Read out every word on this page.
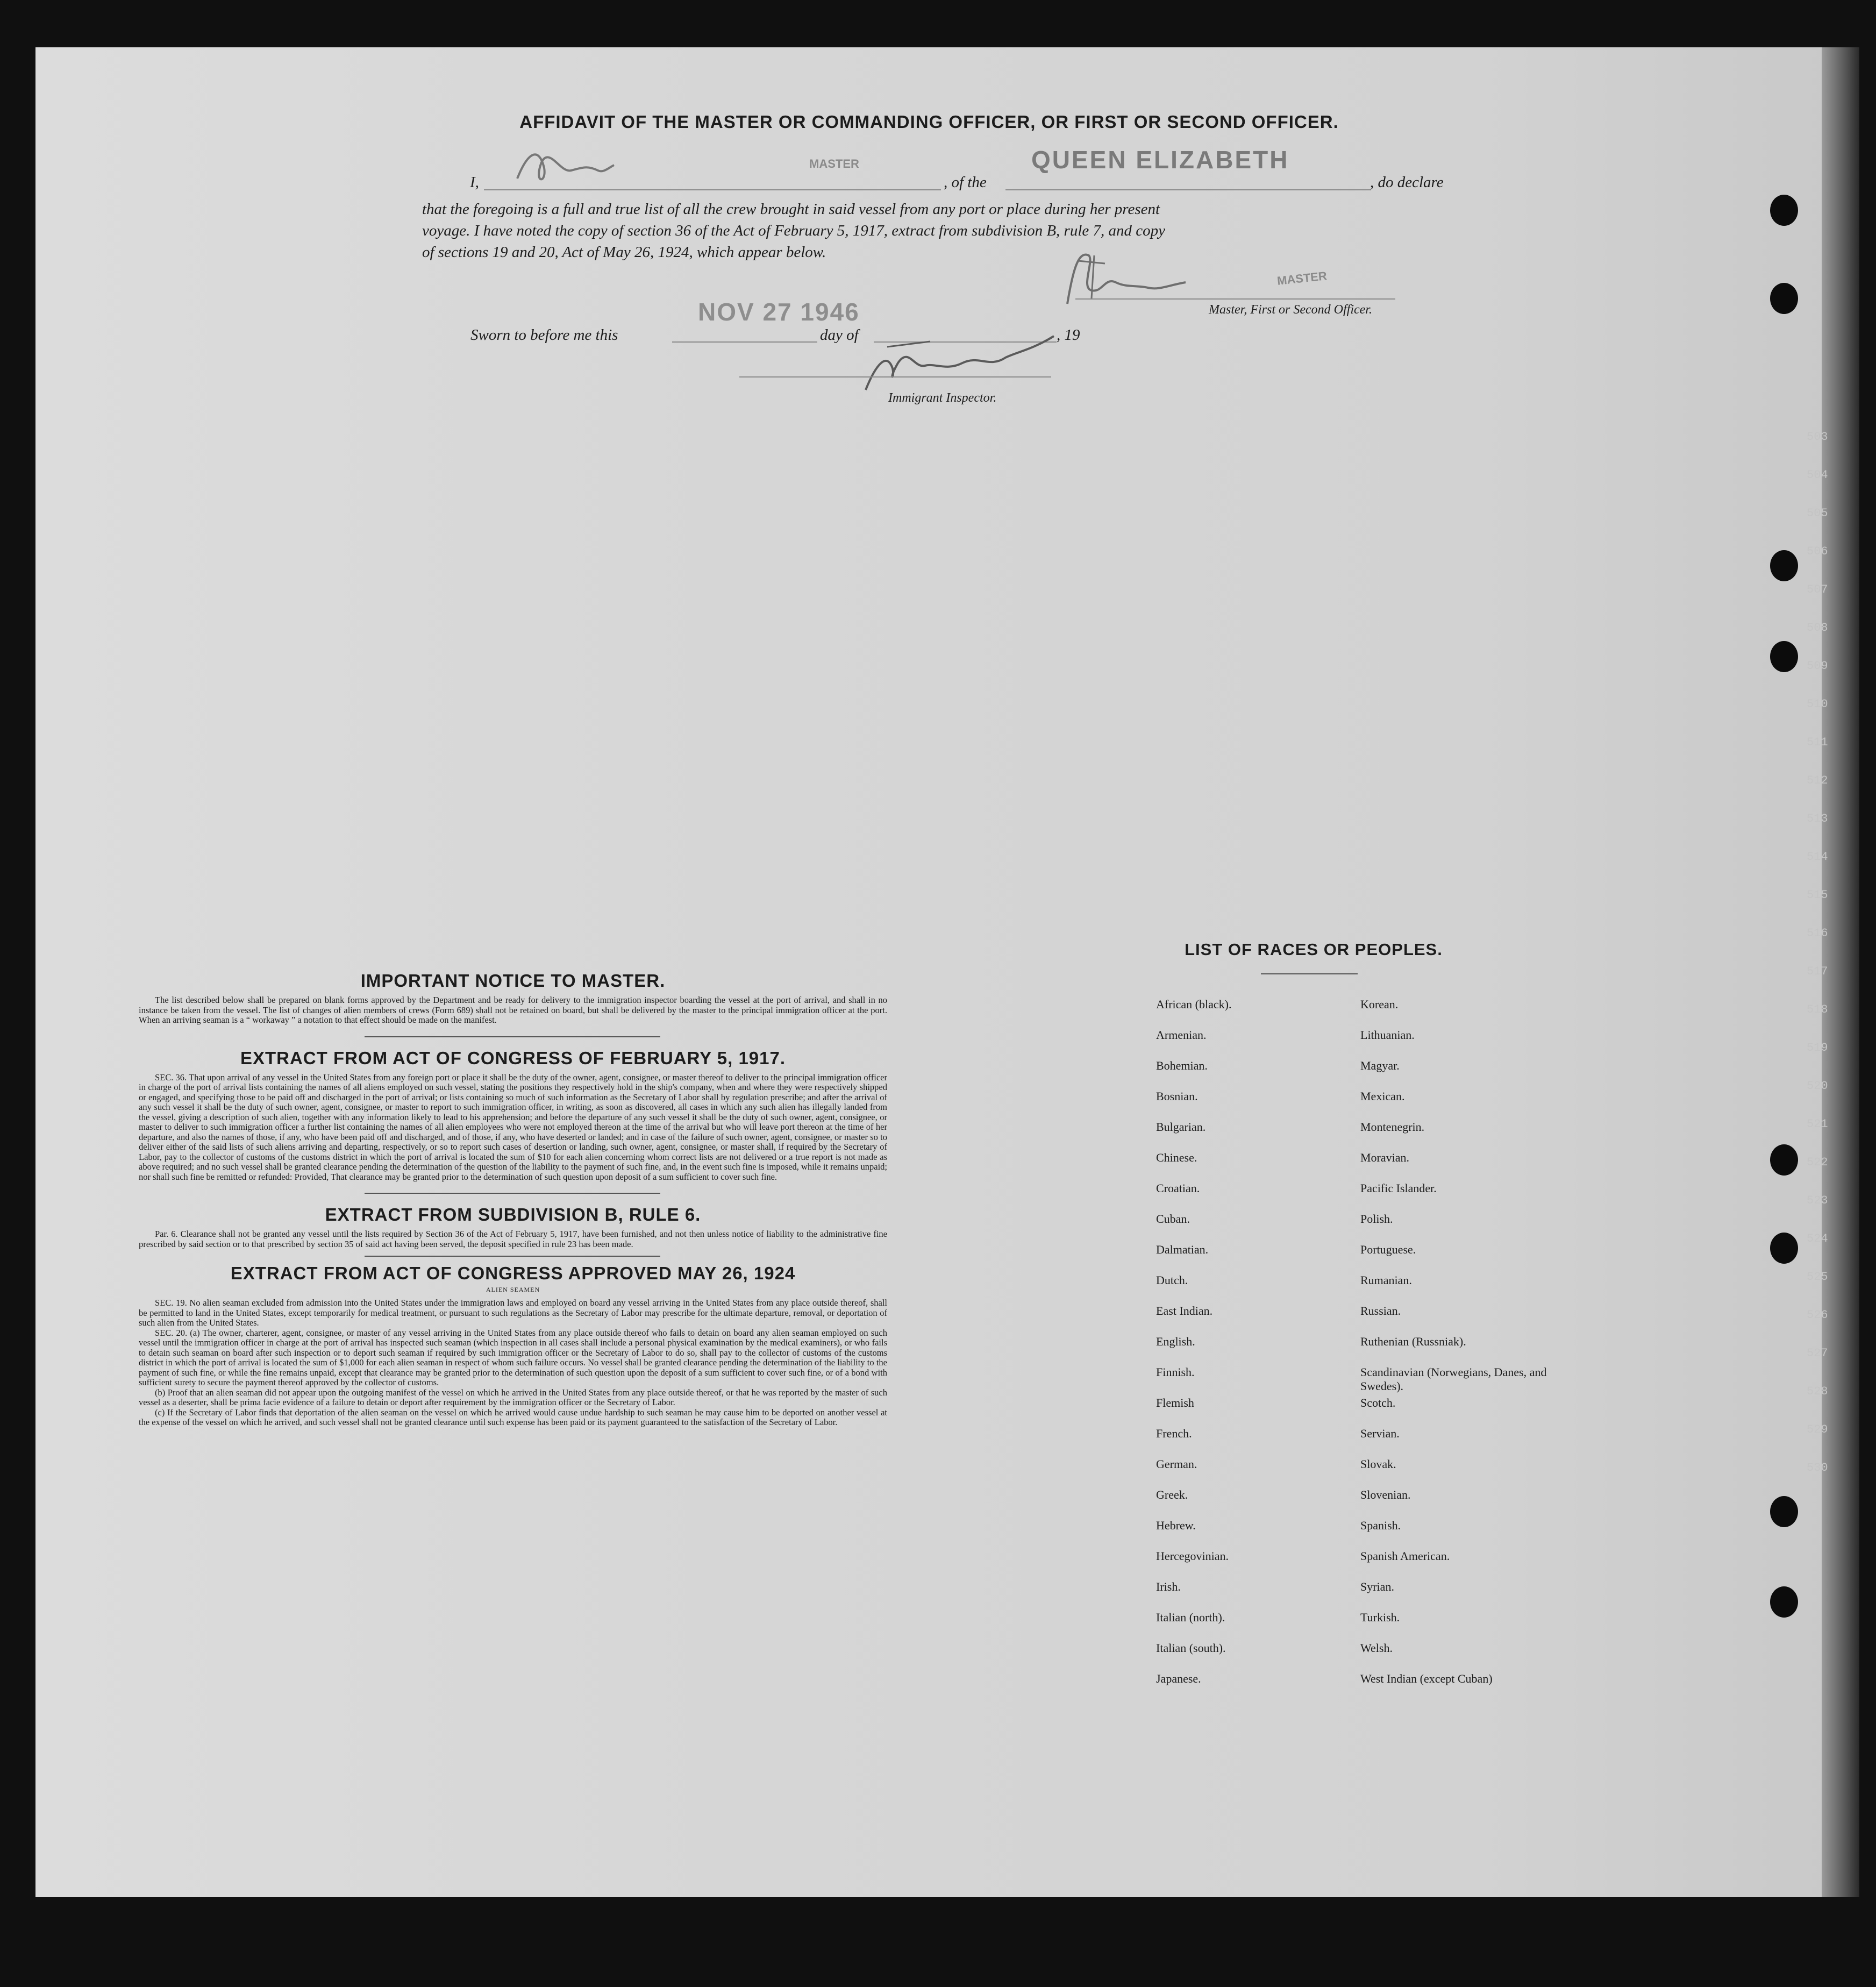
503
504
505
506
507
508
509
510
511
512
513
514
515
516
517
518
519
520
521
522
523
524
525
526
527
528
529
530
AFFIDAVIT OF THE MASTER OR COMMANDING OFFICER, OR FIRST OR SECOND OFFICER.
I,
MASTER
, of the
QUEEN ELIZABETH
, do declare
that the foregoing is a full and true list of all the crew brought in said vessel from any port or place during her present
voyage. I have noted the copy of section 36 of the Act of February 5, 1917, extract from subdivision B, rule 7, and copy
of sections 19 and 20, Act of May 26, 1924, which appear below.
MASTER
Master, First or Second Officer.
Sworn to before me this
NOV 27 1946
day of	, 19
Immigrant Inspector.
IMPORTANT NOTICE TO MASTER.
The list described below shall be prepared on blank forms approved by the Department and be ready for delivery to the immigration inspector boarding the vessel at the port of arrival, and shall in no instance be taken from the vessel. The list of changes of alien members of crews (Form 689) shall not be retained on board, but shall be delivered by the master to the principal immigration officer at the port. When an arriving seaman is a “ workaway ” a notation to that effect should be made on the manifest.
EXTRACT FROM ACT OF CONGRESS OF FEBRUARY 5, 1917.
SEC. 36. That upon arrival of any vessel in the United States from any foreign port or place it shall be the duty of the owner, agent, consignee, or master thereof to deliver to the principal immigration officer in charge of the port of arrival lists containing the names of all aliens employed on such vessel, stating the positions they respectively hold in the ship's company, when and where they were respectively shipped or engaged, and specifying those to be paid off and discharged in the port of arrival; or lists containing so much of such information as the Secretary of Labor shall by regulation prescribe; and after the arrival of any such vessel it shall be the duty of such owner, agent, consignee, or master to report to such immigration officer, in writing, as soon as discovered, all cases in which any such alien has illegally landed from the vessel, giving a description of such alien, together with any information likely to lead to his apprehension; and before the departure of any such vessel it shall be the duty of such owner, agent, consignee, or master to deliver to such immigration officer a further list containing the names of all alien employees who were not employed thereon at the time of the arrival but who will leave port thereon at the time of her departure, and also the names of those, if any, who have been paid off and discharged, and of those, if any, who have deserted or landed; and in case of the failure of such owner, agent, consignee, or master so to deliver either of the said lists of such aliens arriving and departing, respectively, or so to report such cases of desertion or landing, such owner, agent, consignee, or master shall, if required by the Secretary of Labor, pay to the collector of customs of the customs district in which the port of arrival is located the sum of $10 for each alien concerning whom correct lists are not delivered or a true report is not made as above required; and no such vessel shall be granted clearance pending the determination of the question of the liability to the payment of such fine, and, in the event such fine is imposed, while it remains unpaid; nor shall such fine be remitted or refunded: Provided, That clearance may be granted prior to the determination of such question upon deposit of a sum sufficient to cover such fine.
EXTRACT FROM SUBDIVISION B, RULE 6.
Par. 6. Clearance shall not be granted any vessel until the lists required by Section 36 of the Act of February 5, 1917, have been furnished, and not then unless notice of liability to the administrative fine prescribed by said section or to that prescribed by section 35 of said act having been served, the deposit specified in rule 23 has been made.
EXTRACT FROM ACT OF CONGRESS APPROVED MAY 26, 1924
ALIEN SEAMEN
SEC. 19. No alien seaman excluded from admission into the United States under the immigration laws and employed on board any vessel arriving in the United States from any place outside thereof, shall be permitted to land in the United States, except temporarily for medical treatment, or pursuant to such regulations as the Secretary of Labor may prescribe for the ultimate departure, removal, or deportation of such alien from the United States.
SEC. 20. (a) The owner, charterer, agent, consignee, or master of any vessel arriving in the United States from any place outside thereof who fails to detain on board any alien seaman employed on such vessel until the immigration officer in charge at the port of arrival has inspected such seaman (which inspection in all cases shall include a personal physical examination by the medical examiners), or who fails to detain such seaman on board after such inspection or to deport such seaman if required by such immigration officer or the Secretary of Labor to do so, shall pay to the collector of customs of the customs district in which the port of arrival is located the sum of $1,000 for each alien seaman in respect of whom such failure occurs. No vessel shall be granted clearance pending the determination of the liability to the payment of such fine, or while the fine remains unpaid, except that clearance may be granted prior to the determination of such question upon the deposit of a sum sufficient to cover such fine, or of a bond with sufficient surety to secure the payment thereof approved by the collector of customs.
(b) Proof that an alien seaman did not appear upon the outgoing manifest of the vessel on which he arrived in the United States from any place outside thereof, or that he was reported by the master of such vessel as a deserter, shall be prima facie evidence of a failure to detain or deport after requirement by the immigration officer or the Secretary of Labor.
(c) If the Secretary of Labor finds that deportation of the alien seaman on the vessel on which he arrived would cause undue hardship to such seaman he may cause him to be deported on another vessel at the expense of the vessel on which he arrived, and such vessel shall not be granted clearance until such expense has been paid or its payment guaranteed to the satisfaction of the Secretary of Labor.
LIST OF RACES OR PEOPLES.
African (black).	Korean.
Armenian.	Lithuanian.
Bohemian.	Magyar.
Bosnian.	Mexican.
Bulgarian.	Montenegrin.
Chinese.	Moravian.
Croatian.	Pacific Islander.
Cuban.	Polish.
Dalmatian.	Portuguese.
Dutch.	Rumanian.
East Indian.	Russian.
English.	Ruthenian (Russniak).
Finnish.	Scandinavian (Norwegians, Danes, and Swedes).
Flemish	Scotch.
French.	Servian.
German.	Slovak.
Greek.	Slovenian.
Hebrew.	Spanish.
Hercegovinian.	Spanish American.
Irish.	Syrian.
Italian (north).	Turkish.
Italian (south).	Welsh.
Japanese.	West Indian (except Cuban)
